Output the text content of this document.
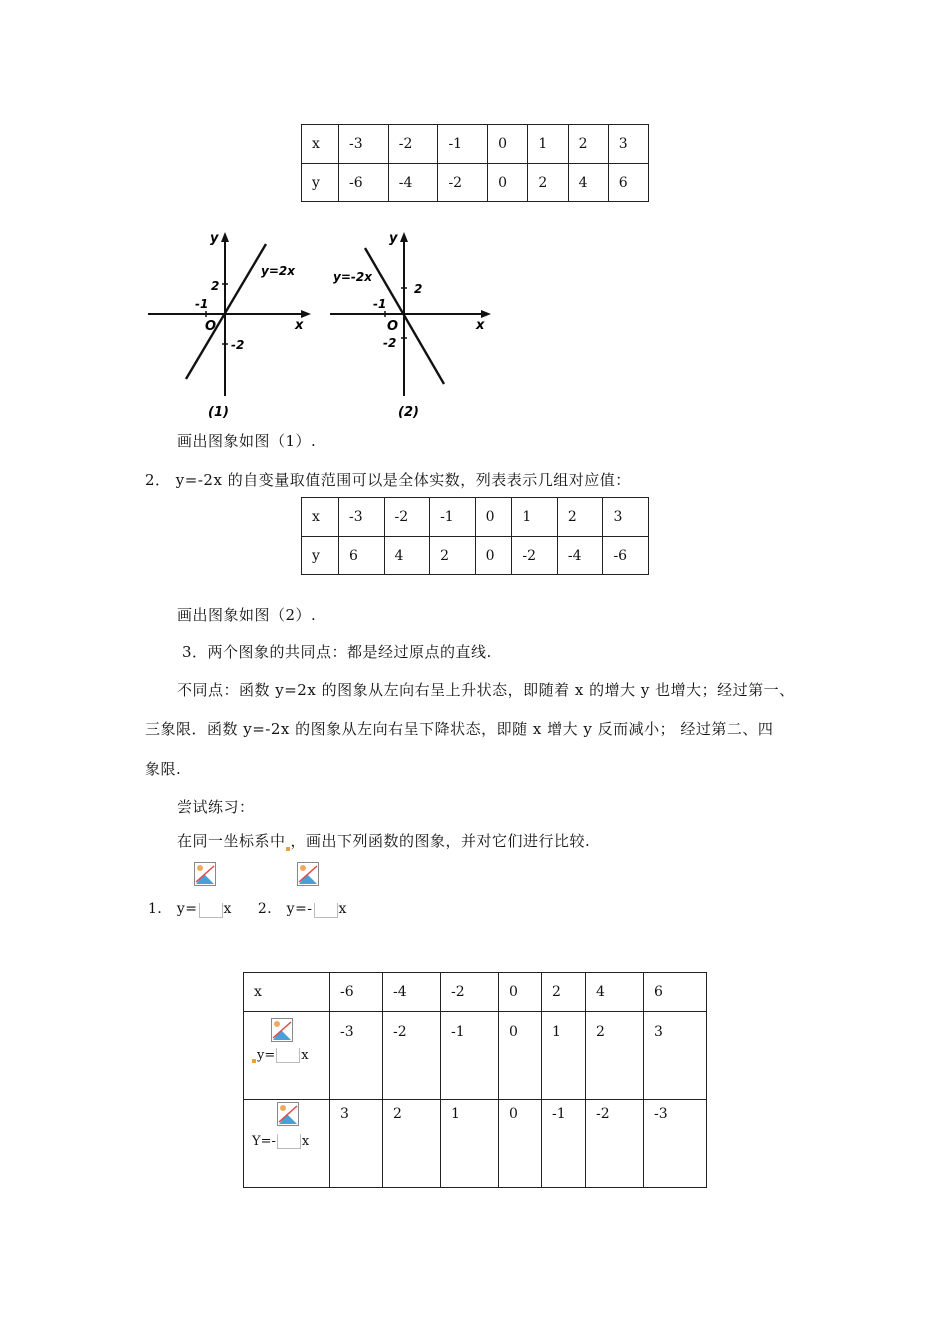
x	-3	-2	-1	0	1	2	3
y	-6	-4	-2	0	2	4	6
y=2x
2
-1
-2
O	x
y
(1)
y=-2x
2
-1
-2
O	x
y
(2)
画出图象如图（1）.
2． y=-2x 的自变量取值范围可以是全体实数，列表表示几组对应值：
x	-3	-2	-1	0	1	2	3
y	6	4	2	0	-2	-4	-6
画出图象如图（2）.
3．两个图象的共同点：都是经过原点的直线.
不同点：函数 y=2x 的图象从左向右呈上升状态，即随着 x 的增大 y 也增大；经过第一、
三象限．函数 y=-2x 的图象从左向右呈下降状态，即随 x 增大 y 反而减小； 经过第二、四
象限.
尝试练习：
在同一坐标系中 ，画出下列函数的图象，并对它们进行比较.
1． y= x 2． y=- x
x	-6	-4	-2	0	2	4	6

y= x	-3	-2	-1	0	1	2	3

Y=- x	3	2	1	0	-1	-2	-3
